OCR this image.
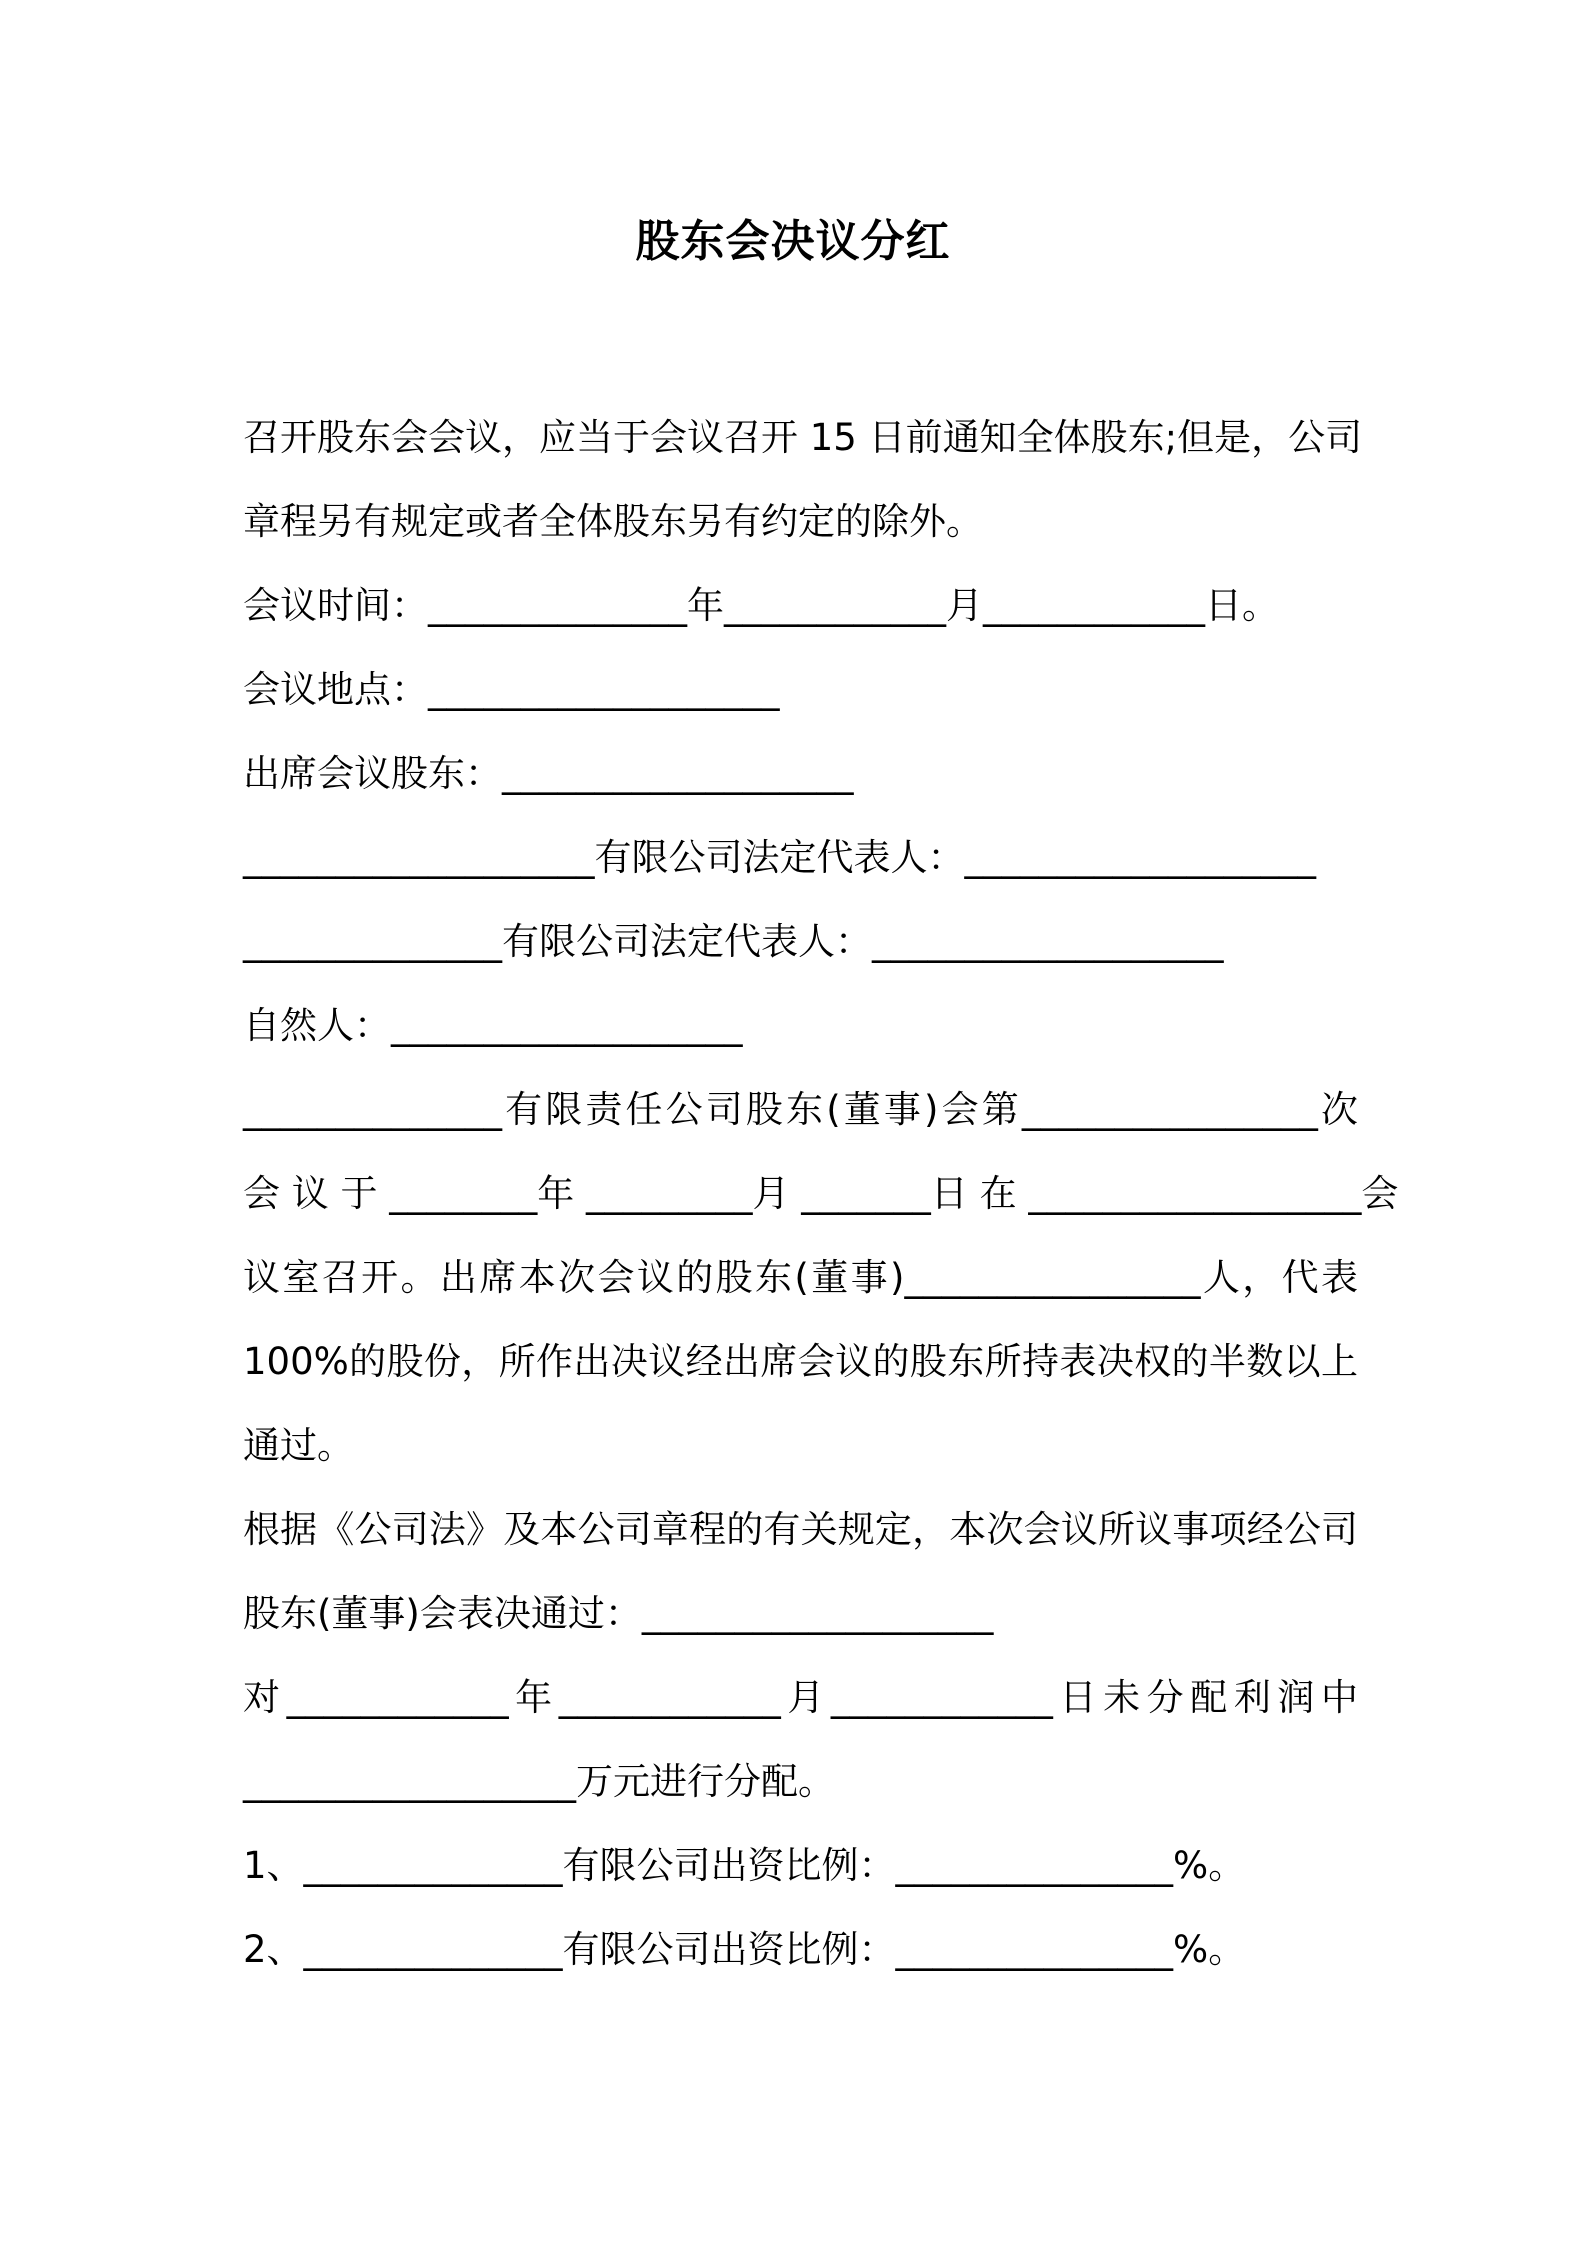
股东会决议分红
召开股东会会议，应当于会议召开 15 日前通知全体股东;但是，公司
章程另有规定或者全体股东另有约定的除外。
会议时间：______________年____________月____________日。
会议地点：___________________
出席会议股东：___________________
___________________有限公司法定代表人：___________________
______________有限公司法定代表人：___________________
自然人：___________________
______________有限责任公司股东(董事)会第________________次
会 议 于 ________年 _________月 _______日 在 __________________会
议室召开。出席本次会议的股东(董事)________________人，代表
100%的股份，所作出决议经出席会议的股东所持表决权的半数以上
通过。
根据《公司法》及本公司章程的有关规定，本次会议所议事项经公司
股东(董事)会表决通过：___________________
对____________年____________月____________日未分配利润中
__________________万元进行分配。
1、______________有限公司出资比例：_______________%。
2、______________有限公司出资比例：_______________%。
